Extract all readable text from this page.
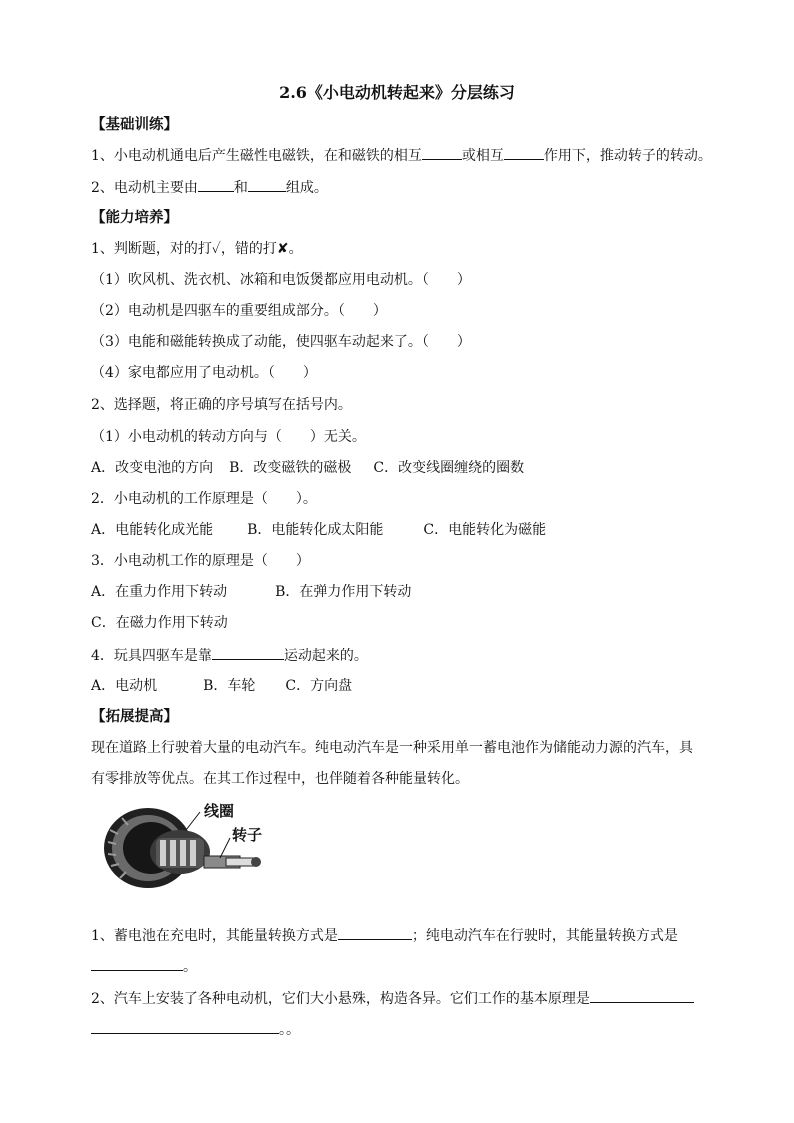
2.6《小电动机转起来》分层练习
【基础训练】
1、小电动机通电后产生磁性电磁铁，在和磁铁的相互	或相互	作用下，推动转子的转动。
2、电动机主要由	和	组成。
【能力培养】
1、判断题，对的打✓，错的打✘。
（1）吹风机、洗衣机、冰箱和电饭煲都应用电动机。（　　）
（2）电动机是四驱车的重要组成部分。（　　）
（3）电能和磁能转换成了动能，使四驱车动起来了。（　　）
（4）家电都应用了电动机。（　　）
2、选择题，将正确的序号填写在括号内。
（1）小电动机的转动方向与（　　）无关。
A．改变电池的方向 B．改变磁铁的磁极 C．改变线圈缠绕的圈数
2．小电动机的工作原理是（　　）。
A．电能转化成光能 B．电能转化成太阳能	C．电能转化为磁能
3．小电动机工作的原理是（　　）
A．在重力作用下转动	B．在弹力作用下转动
C．在磁力作用下转动
4．玩具四驱车是靠	运动起来的。
A．电动机	B．车轮 C．方向盘
【拓展提高】
现在道路上行驶着大量的电动汽车。纯电动汽车是一种采用单一蓄电池作为储能动力源的汽车，具有零排放等优点。在其工作过程中，也伴随着各种能量转化。
线圈
转子
1、蓄电池在充电时，其能量转换方式是	；纯电动汽车在行驶时，其能量转换方式是
。
2、汽车上安装了各种电动机，它们大小悬殊，构造各异。它们工作的基本原理是
。。
